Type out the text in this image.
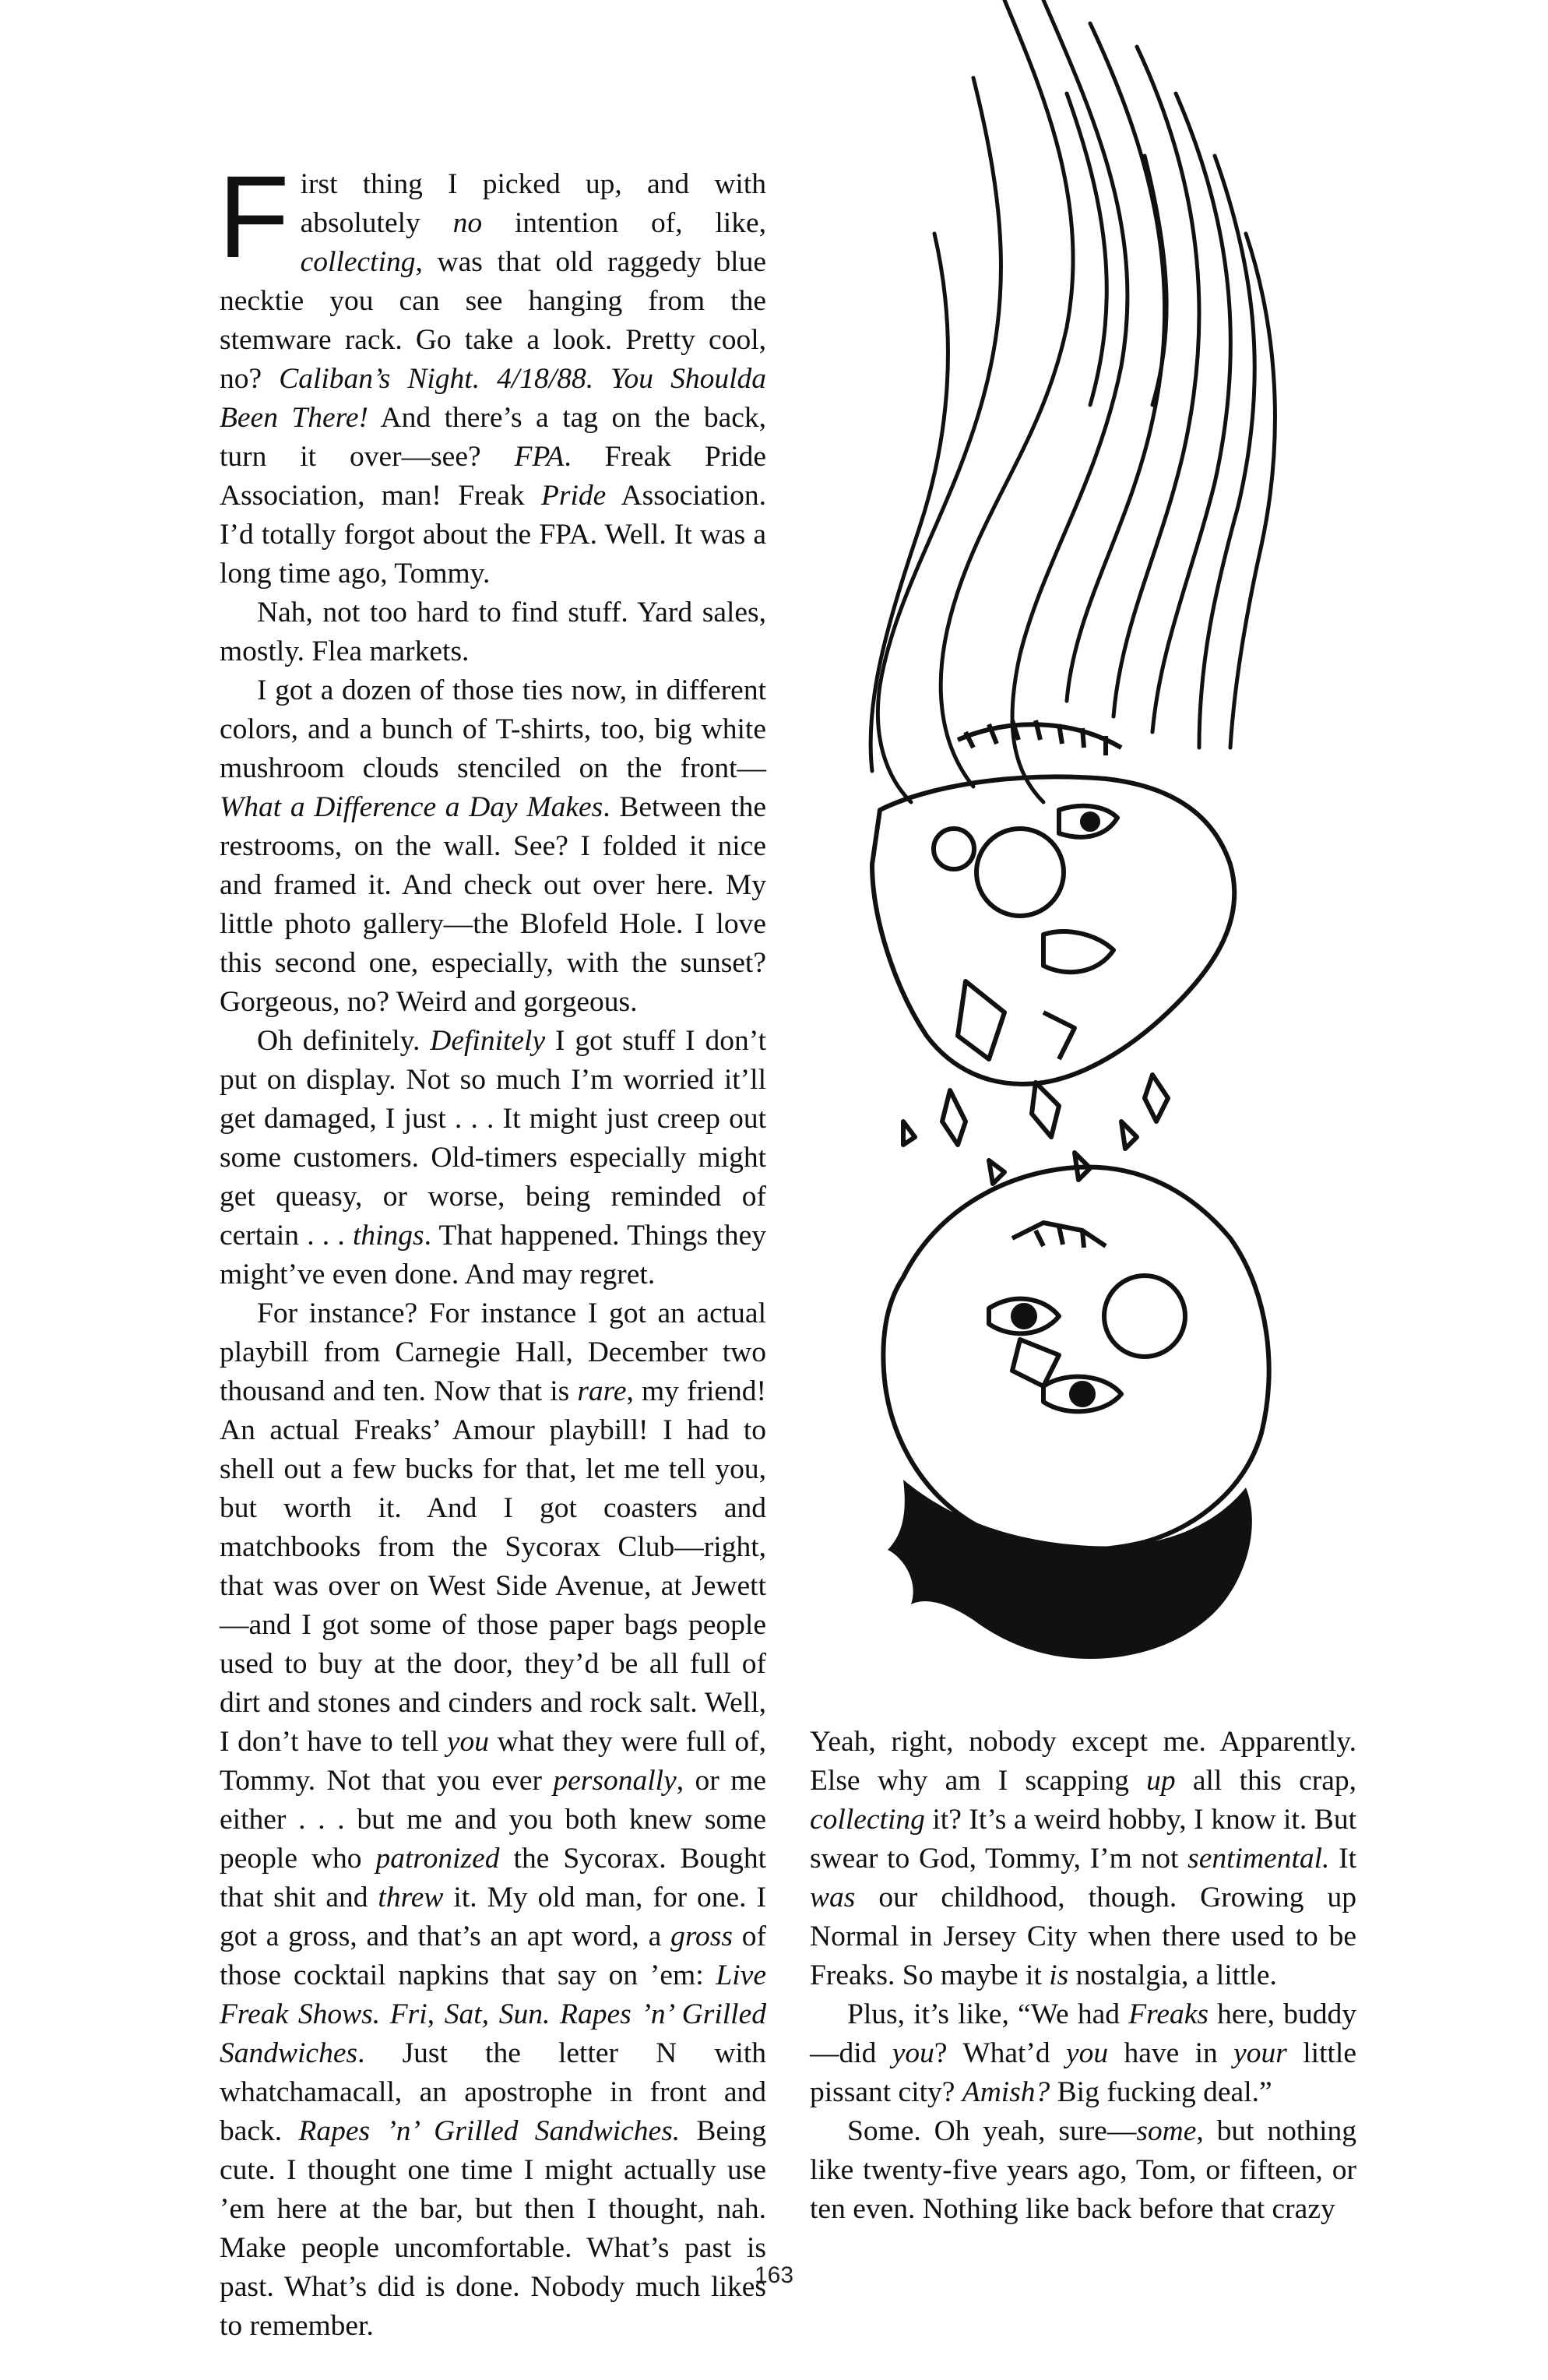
First thing I picked up, and with absolutely no intention of, like, collecting, was that old raggedy blue necktie you can see hanging from the stemware rack. Go take a look. Pretty cool, no? Caliban’s Night. 4/18/88. You Shoulda Been There! And there’s a tag on the back, turn it over—see? FPA. Freak Pride Association, man! Freak Pride Association. I’d totally forgot about the FPA. Well. It was a long time ago, Tommy.

Nah, not too hard to find stuff. Yard sales, mostly. Flea markets.

I got a dozen of those ties now, in different colors, and a bunch of T-shirts, too, big white mushroom clouds stenciled on the front—What a Difference a Day Makes. Between the restrooms, on the wall. See? I folded it nice and framed it. And check out over here. My little photo gallery—the Blofeld Hole. I love this second one, especially, with the sunset? Gorgeous, no? Weird and gorgeous.

Oh definitely. Definitely I got stuff I don’t put on display. Not so much I’m worried it’ll get damaged, I just . . . It might just creep out some customers. Old-timers especially might get queasy, or worse, being reminded of certain . . . things. That happened. Things they might’ve even done. And may regret.

For instance? For instance I got an actual playbill from Carnegie Hall, December two thousand and ten. Now that is rare, my friend! An actual Freaks’ Amour playbill! I had to shell out a few bucks for that, let me tell you, but worth it. And I got coasters and matchbooks from the Sycorax Club—right, that was over on West Side Avenue, at Jewett—and I got some of those paper bags people used to buy at the door, they’d be all full of dirt and stones and cinders and rock salt. Well, I don’t have to tell you what they were full of, Tommy. Not that you ever personally, or me either . . . but me and you both knew some people who patronized the Sycorax. Bought that shit and threw it. My old man, for one. I got a gross, and that’s an apt word, a gross of those cocktail napkins that say on ’em: Live Freak Shows. Fri, Sat, Sun. Rapes ’n’ Grilled Sandwiches. Just the letter N with whatchamacall, an apostrophe in front and back. Rapes ’n’ Grilled Sandwiches. Being cute. I thought one time I might actually use ’em here at the bar, but then I thought, nah. Make people uncomfortable. What’s past is past. What’s did is done. Nobody much likes to remember.

Yeah, right, nobody except me. Apparently. Else why am I scapping up all this crap, collecting it? It’s a weird hobby, I know it. But swear to God, Tommy, I’m not sentimental. It was our childhood, though. Growing up Normal in Jersey City when there used to be Freaks. So maybe it is nostalgia, a little.

Plus, it’s like, “We had Freaks here, buddy—did you? What’d you have in your little pissant city? Amish? Big fucking deal.”

Some. Oh yeah, sure—some, but nothing like twenty-five years ago, Tom, or fifteen, or ten even. Nothing like back before that crazy

163
